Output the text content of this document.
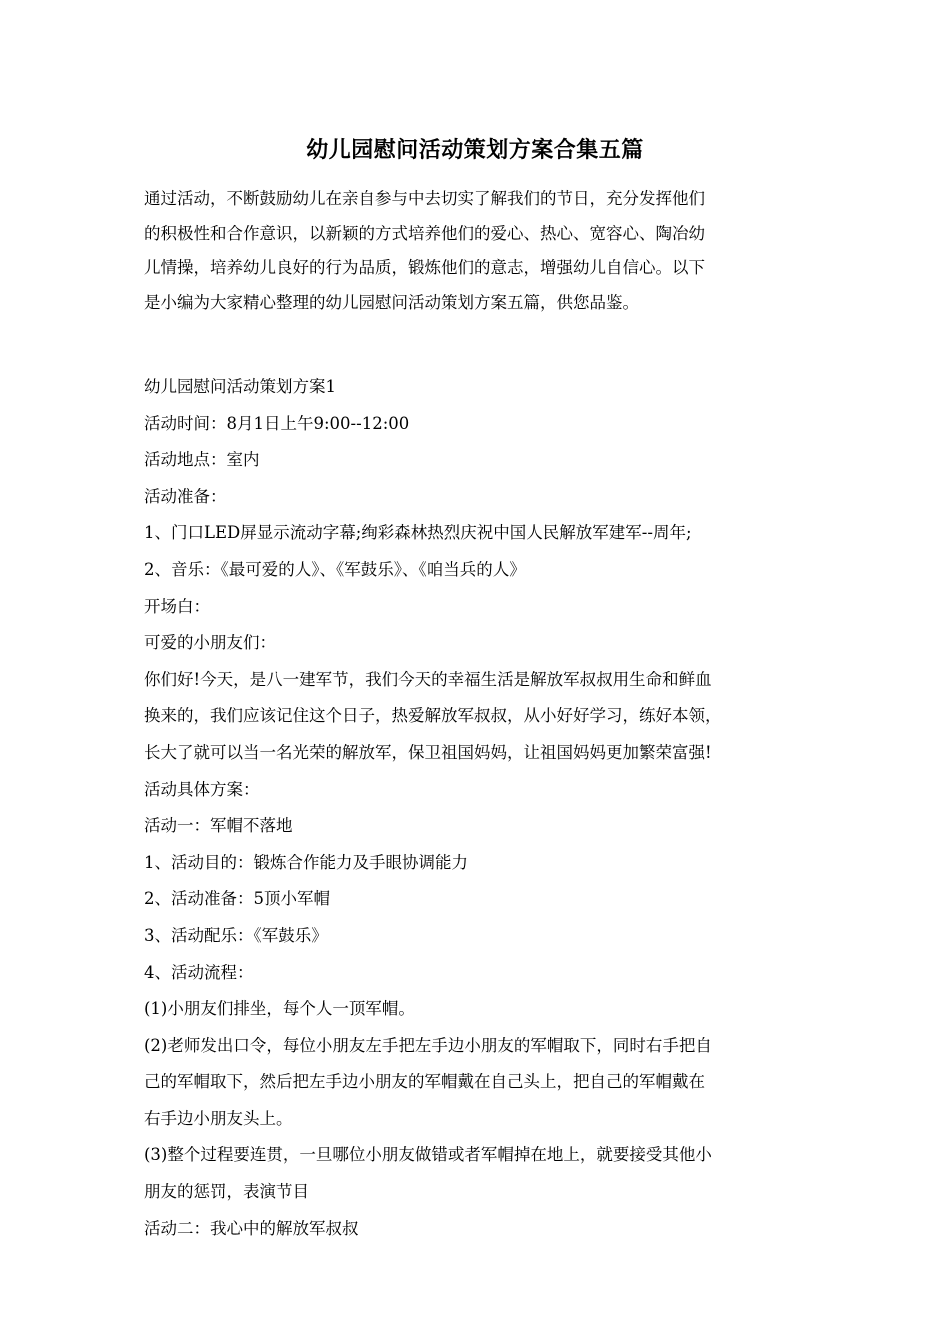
幼儿园慰问活动策划方案合集五篇
通过活动，不断鼓励幼儿在亲自参与中去切实了解我们的节日，充分发挥他们
的积极性和合作意识，以新颖的方式培养他们的爱心、热心、宽容心、陶冶幼
儿情操，培养幼儿良好的行为品质，锻炼他们的意志，增强幼儿自信心。以下
是小编为大家精心整理的幼儿园慰问活动策划方案五篇，供您品鉴。
幼儿园慰问活动策划方案1
活动时间：8月1日上午9:00--12:00
活动地点：室内
活动准备：
1、门口LED屏显示流动字幕;绚彩森林热烈庆祝中国人民解放军建军--周年;
2、音乐：《最可爱的人》、《军鼓乐》、《咱当兵的人》
开场白：
可爱的小朋友们：
你们好!今天，是八一建军节，我们今天的幸福生活是解放军叔叔用生命和鲜血
换来的，我们应该记住这个日子，热爱解放军叔叔，从小好好学习，练好本领，
长大了就可以当一名光荣的解放军，保卫祖国妈妈，让祖国妈妈更加繁荣富强!
活动具体方案：
活动一：军帽不落地
1、活动目的：锻炼合作能力及手眼协调能力
2、活动准备：5顶小军帽
3、活动配乐：《军鼓乐》
4、活动流程：
(1)小朋友们排坐，每个人一顶军帽。
(2)老师发出口令，每位小朋友左手把左手边小朋友的军帽取下，同时右手把自
己的军帽取下，然后把左手边小朋友的军帽戴在自己头上，把自己的军帽戴在
右手边小朋友头上。
(3)整个过程要连贯，一旦哪位小朋友做错或者军帽掉在地上，就要接受其他小
朋友的惩罚，表演节目
活动二：我心中的解放军叔叔
